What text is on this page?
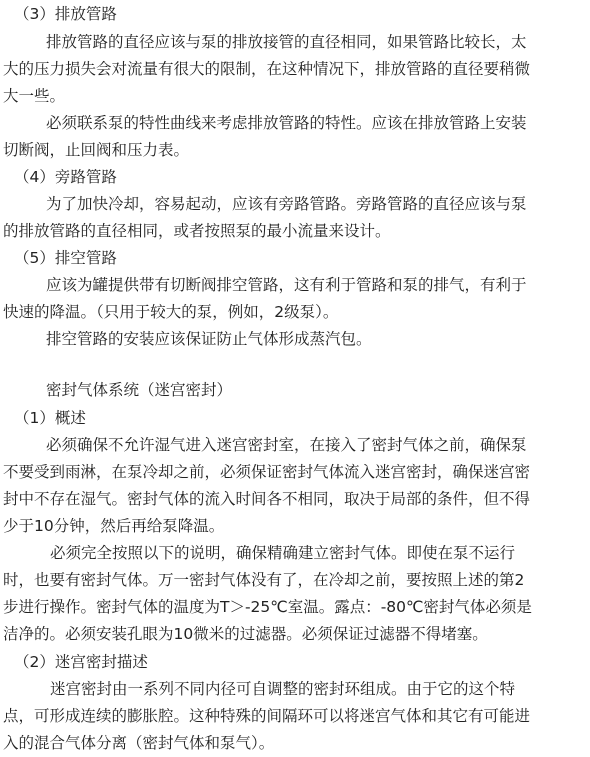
（3）排放管路
排放管路的直径应该与泵的排放接管的直径相同，如果管路比较长，太
大的压力损失会对流量有很大的限制，在这种情况下，排放管路的直径要稍微
大一些。
必须联系泵的特性曲线来考虑排放管路的特性。应该在排放管路上安装
切断阀，止回阀和压力表。
（4）旁路管路
为了加快冷却，容易起动，应该有旁路管路。旁路管路的直径应该与泵
的排放管路的直径相同，或者按照泵的最小流量来设计。
（5）排空管路
应该为罐提供带有切断阀排空管路，这有利于管路和泵的排气，有利于
快速的降温。（只用于较大的泵，例如，2级泵）。
排空管路的安装应该保证防止气体形成蒸汽包。
密封气体系统（迷宫密封）
（1）概述
必须确保不允许湿气进入迷宫密封室，在接入了密封气体之前，确保泵
不要受到雨淋，在泵冷却之前，必须保证密封气体流入迷宫密封，确保迷宫密
封中不存在湿气。密封气体的流入时间各不相同，取决于局部的条件，但不得
少于10分钟，然后再给泵降温。
必须完全按照以下的说明，确保精确建立密封气体。即使在泵不运行
时，也要有密封气体。万一密封气体没有了，在冷却之前，要按照上述的第2
步进行操作。密封气体的温度为T＞-25℃室温。露点：-80℃密封气体必须是
洁净的。必须安装孔眼为10微米的过滤器。必须保证过滤器不得堵塞。
（2）迷宫密封描述
迷宫密封由一系列不同内径可自调整的密封环组成。由于它的这个特
点，可形成连续的膨胀腔。这种特殊的间隔环可以将迷宫气体和其它有可能进
入的混合气体分离（密封气体和泵气）。
